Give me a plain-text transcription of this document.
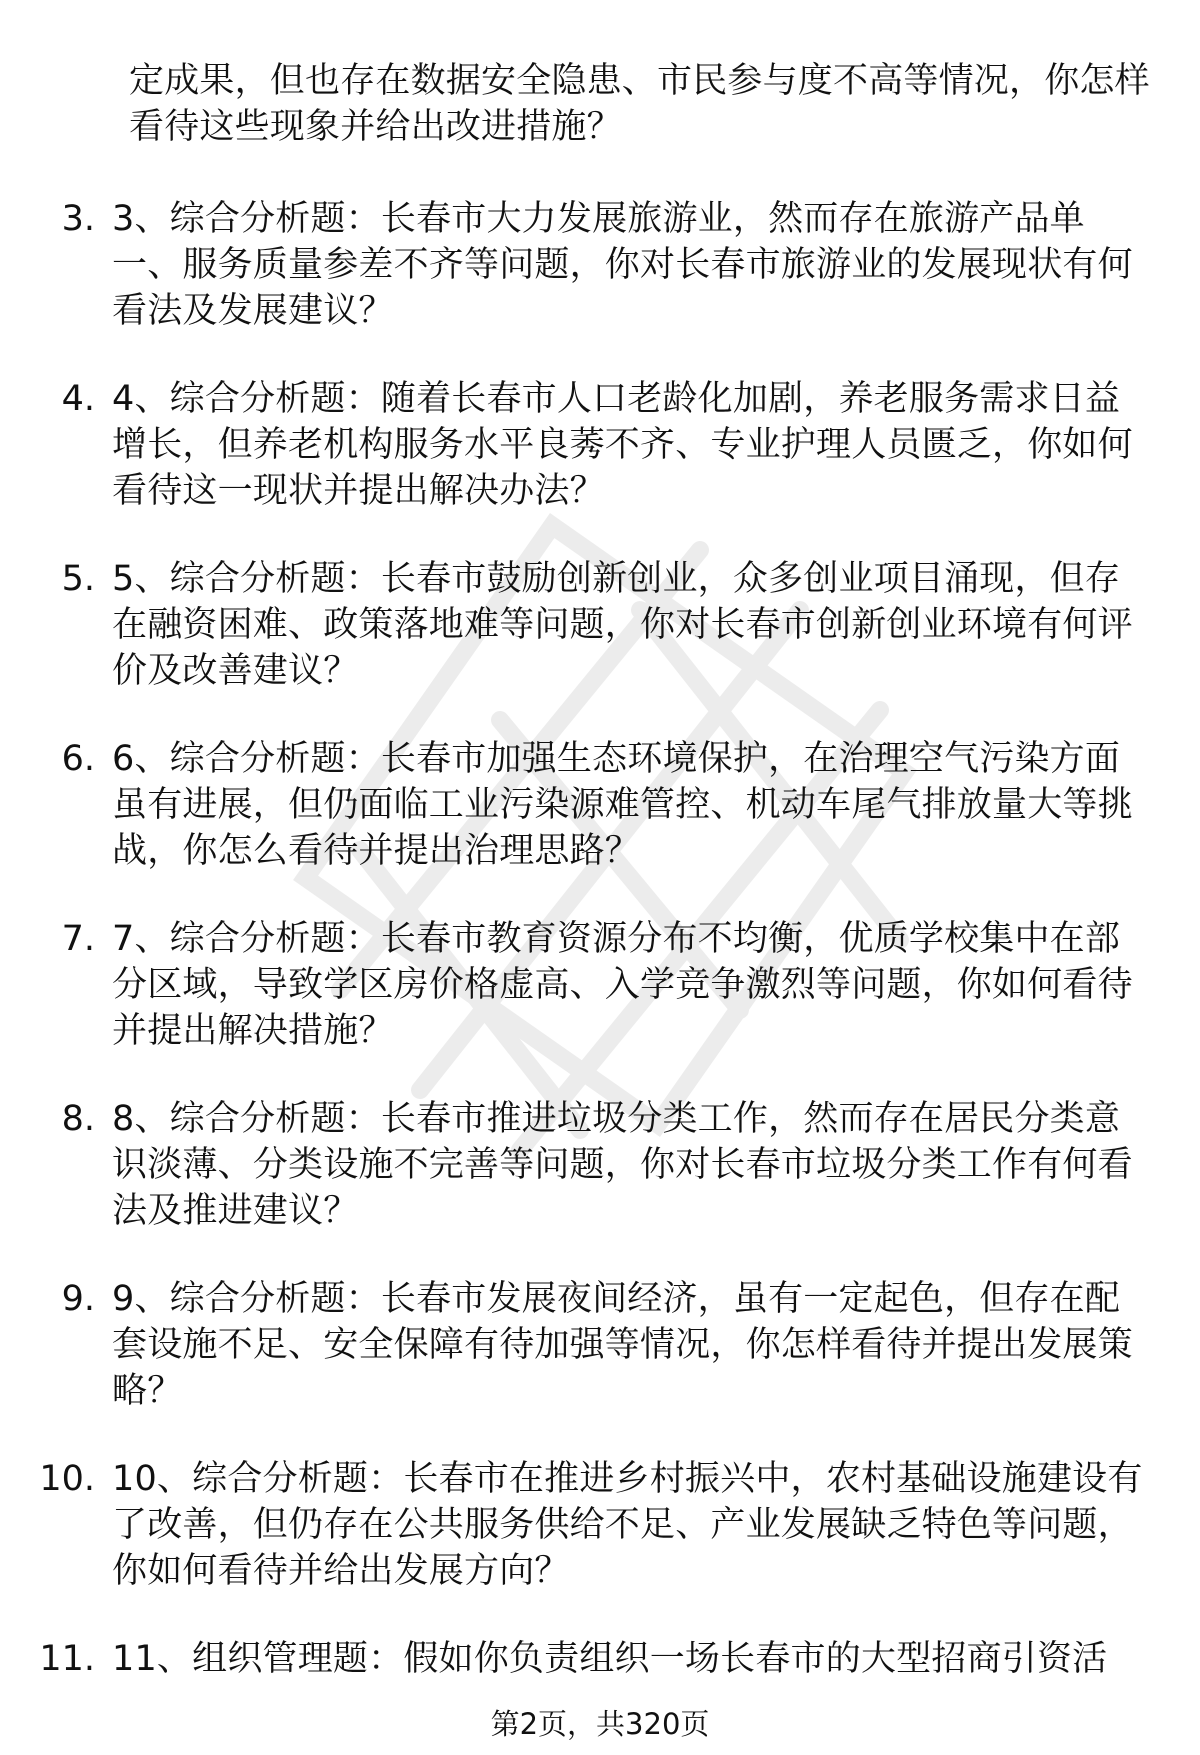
定成果，但也存在数据安全隐患、市民参与度不高等情况，你怎样看待这些现象并给出改进措施？
3. 3、综合分析题：长春市大力发展旅游业，然而存在旅游产品单一、服务质量参差不齐等问题，你对长春市旅游业的发展现状有何看法及发展建议？
4. 4、综合分析题：随着长春市人口老龄化加剧，养老服务需求日益增长，但养老机构服务水平良莠不齐、专业护理人员匮乏，你如何看待这一现状并提出解决办法？
5. 5、综合分析题：长春市鼓励创新创业，众多创业项目涌现，但存在融资困难、政策落地难等问题，你对长春市创新创业环境有何评价及改善建议？
6. 6、综合分析题：长春市加强生态环境保护，在治理空气污染方面虽有进展，但仍面临工业污染源难管控、机动车尾气排放量大等挑战，你怎么看待并提出治理思路？
7. 7、综合分析题：长春市教育资源分布不均衡，优质学校集中在部分区域，导致学区房价格虚高、入学竞争激烈等问题，你如何看待并提出解决措施？
8. 8、综合分析题：长春市推进垃圾分类工作，然而存在居民分类意识淡薄、分类设施不完善等问题，你对长春市垃圾分类工作有何看法及推进建议？
9. 9、综合分析题：长春市发展夜间经济，虽有一定起色，但存在配套设施不足、安全保障有待加强等情况，你怎样看待并提出发展策略？
10. 10、综合分析题：长春市在推进乡村振兴中，农村基础设施建设有了改善，但仍存在公共服务供给不足、产业发展缺乏特色等问题，你如何看待并给出发展方向？
11. 11、组织管理题：假如你负责组织一场长春市的大型招商引资活
第2页，共320页
